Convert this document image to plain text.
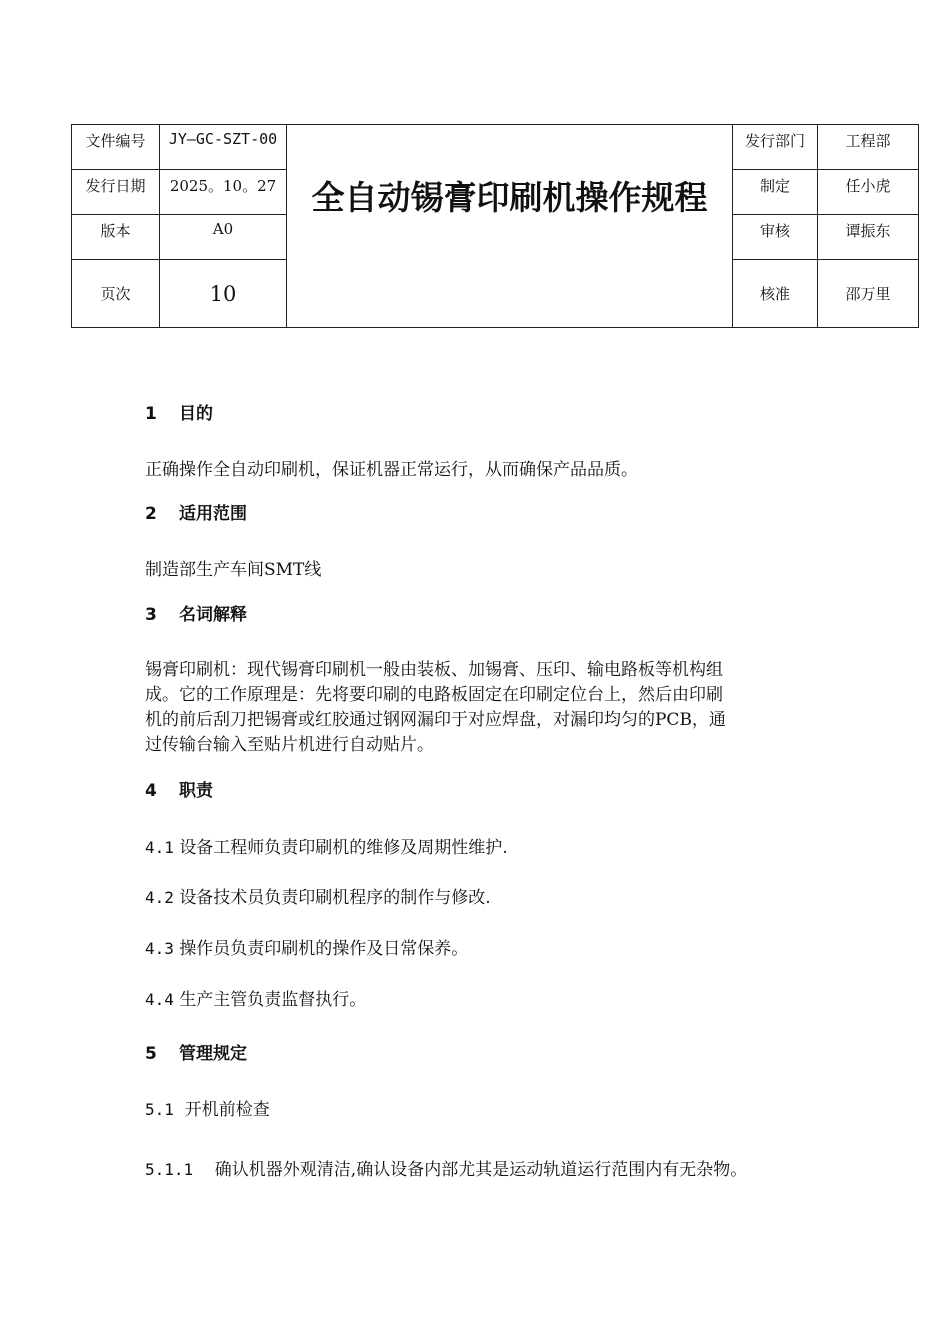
文件编号	JY—GC-SZT-00	全自动锡膏印刷机操作规程	发行部门	工程部
发行日期	2025。10。27		制定	任小虎
版本	A0		审核	谭振东
页次	10		核准	邵万里

1 目的

正确操作全自动印刷机，保证机器正常运行，从而确保产品品质。

2 适用范围

制造部生产车间SMT线

3 名词解释

锡膏印刷机：现代锡膏印刷机一般由装板、加锡膏、压印、输电路板等机构组
成。它的工作原理是：先将要印刷的电路板固定在印刷定位台上，然后由印刷
机的前后刮刀把锡膏或红胶通过钢网漏印于对应焊盘，对漏印均匀的PCB，通
过传输台输入至贴片机进行自动贴片。

4 职责

4.1 设备工程师负责印刷机的维修及周期性维护.

4.2 设备技术员负责印刷机程序的制作与修改.

4.3 操作员负责印刷机的操作及日常保养。

4.4 生产主管负责监督执行。

5 管理规定

5.1 开机前检查

5.1.1 确认机器外观清洁,确认设备内部尤其是运动轨道运行范围内有无杂物。
